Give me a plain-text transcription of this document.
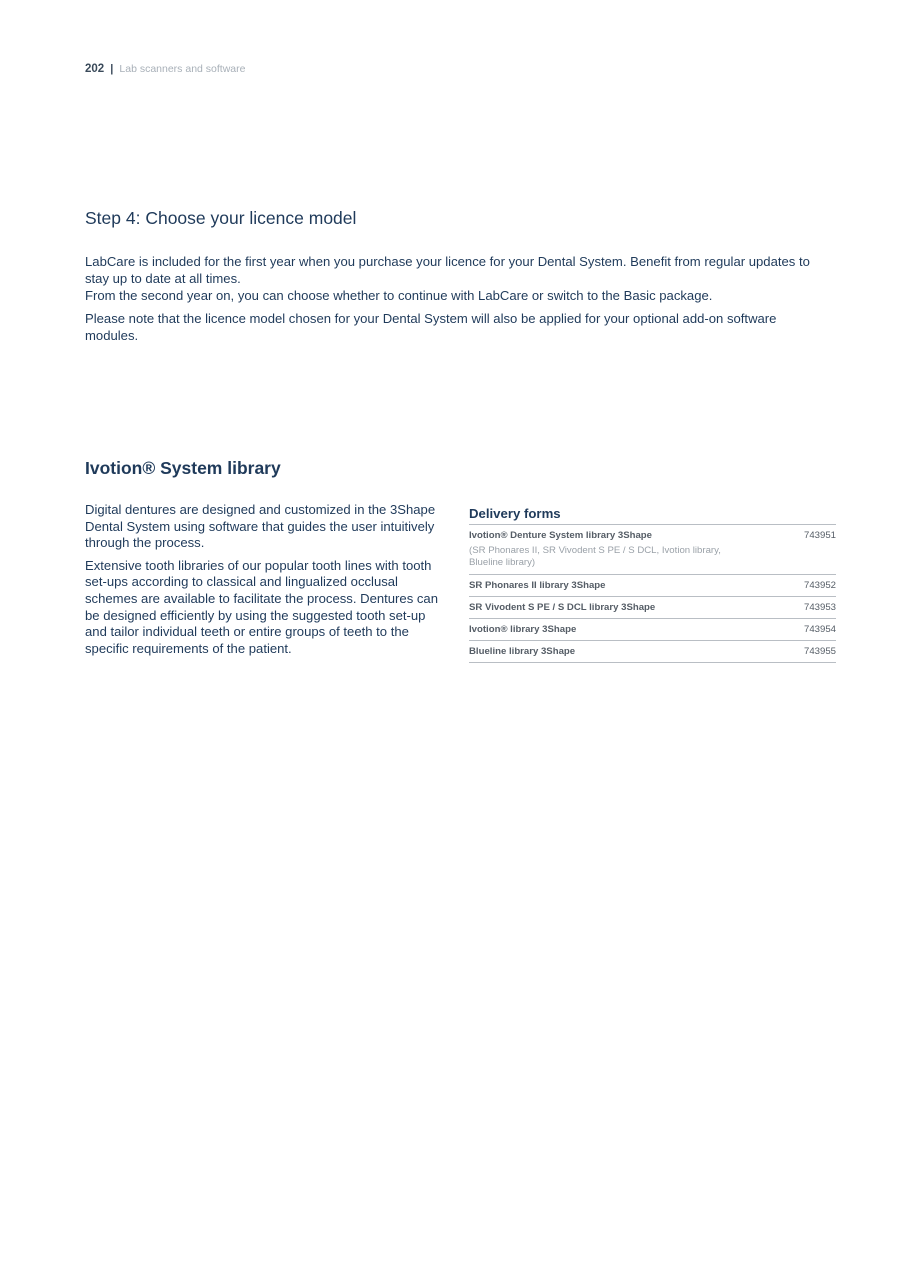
202 | Lab scanners and software
Step 4: Choose your licence model

LabCare is included for the first year when you purchase your licence for your Dental System. Benefit from regular updates to stay up to date at all times.

From the second year on, you can choose whether to continue with LabCare or switch to the Basic package.

Please note that the licence model chosen for your Dental System will also be applied for your optional add-on software modules.

Ivotion® System library

Digital dentures are designed and customized in the 3Shape Dental System using software that guides the user intuitively through the process.

Extensive tooth libraries of our popular tooth lines with tooth set-ups according to classical and lingualized occlusal schemes are available to facilitate the process. Dentures can be designed efficiently by using the suggested tooth set-up and tailor individual teeth or entire groups of teeth to the specific requirements of the patient.

Delivery forms
Ivotion® Denture System library 3Shape	743951
(SR Phonares II, SR Vivodent S PE / S DCL, Ivotion library, Blueline library)
SR Phonares II library 3Shape	743952
SR Vivodent S PE / S DCL library 3Shape	743953
Ivotion® library 3Shape	743954
Blueline library 3Shape	743955
